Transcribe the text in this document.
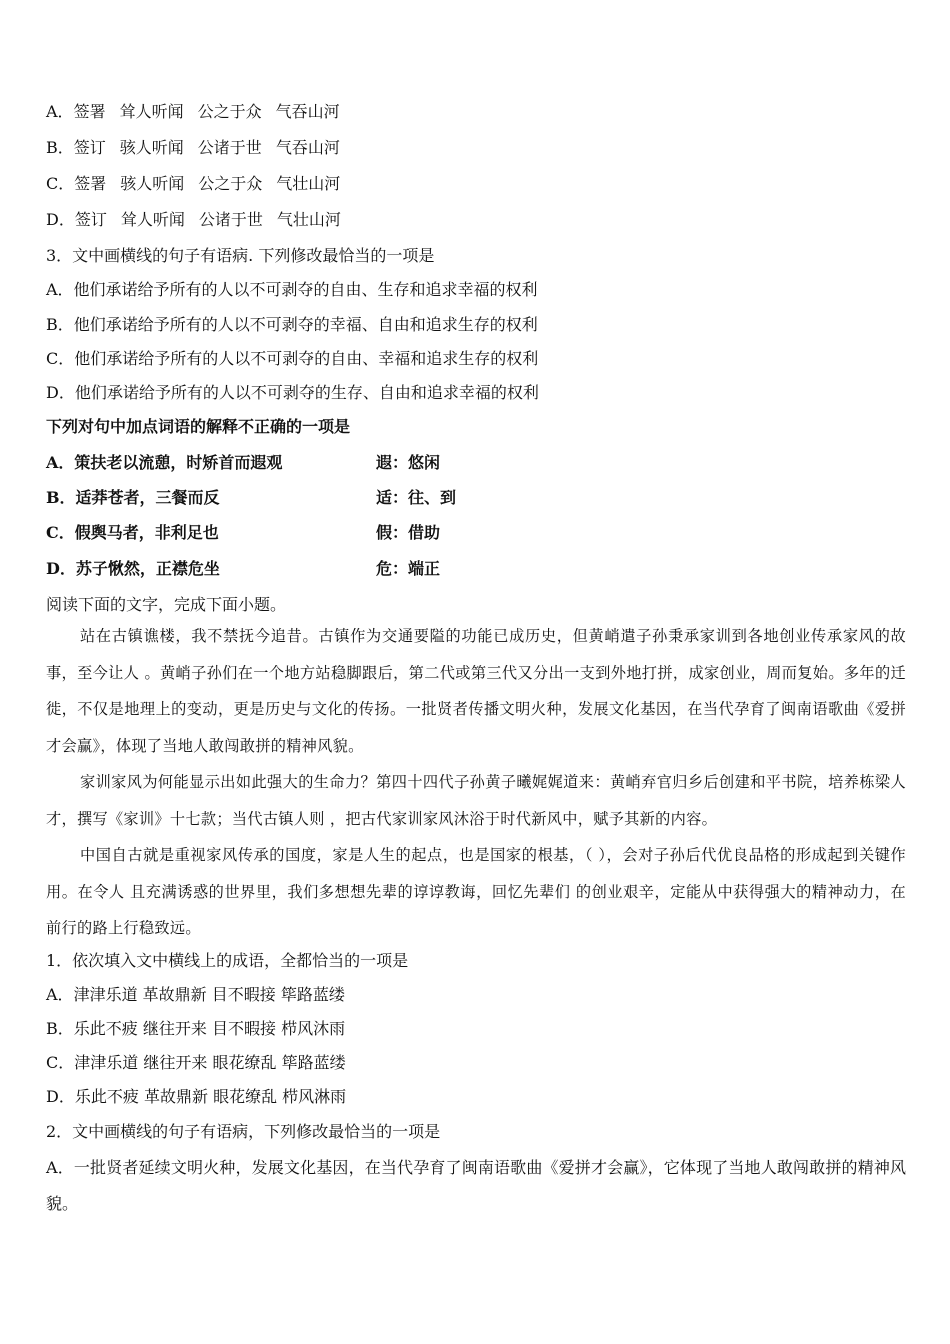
A．签署 耸人听闻 公之于众 气吞山河
B．签订 骇人听闻 公诸于世 气吞山河
C．签署 骇人听闻 公之于众 气壮山河
D．签订 耸人听闻 公诸于世 气壮山河
3．文中画横线的句子有语病. 下列修改最恰当的一项是
A．他们承诺给予所有的人以不可剥夺的自由、生存和追求幸福的权利
B．他们承诺给予所有的人以不可剥夺的幸福、自由和追求生存的权利
C．他们承诺给予所有的人以不可剥夺的自由、幸福和追求生存的权利
D．他们承诺给予所有的人以不可剥夺的生存、自由和追求幸福的权利
下列对句中加点词语的解释不正确的一项是
A．策扶老以流憩，时矫首而遐观	遐：悠闲
B．适莽苍者，三餐而反	适：往、到
C．假舆马者，非利足也	假：借助
D．苏子愀然，正襟危坐	危：端正
阅读下面的文字，完成下面小题。

站在古镇谯楼，我不禁抚今追昔。古镇作为交通要隘的功能已成历史，但黄峭遣子孙秉承家训到各地创业传承家风的故事，至今让人 。黄峭子孙们在一个地方站稳脚跟后，第二代或第三代又分出一支到外地打拼，成家创业，周而复始。多年的迁徙，不仅是地理上的变动，更是历史与文化的传扬。一批贤者传播文明火种，发展文化基因，在当代孕育了闽南语歌曲《爱拼才会赢》，体现了当地人敢闯敢拼的精神风貌。

家训家风为何能显示出如此强大的生命力？第四十四代子孙黄子曦娓娓道来：黄峭弃官归乡后创建和平书院，培养栋梁人才，撰写《家训》十七款；当代古镇人则 ，把古代家训家风沐浴于时代新风中，赋予其新的内容。

中国自古就是重视家风传承的国度，家是人生的起点，也是国家的根基，（ ），会对子孙后代优良品格的形成起到关键作用。在令人 且充满诱惑的世界里，我们多想想先辈的谆谆教诲，回忆先辈们 的创业艰辛，定能从中获得强大的精神动力，在前行的路上行稳致远。

1．依次填入文中横线上的成语，全都恰当的一项是
A．津津乐道 革故鼎新 目不暇接 筚路蓝缕
B．乐此不疲 继往开来 目不暇接 栉风沐雨
C．津津乐道 继往开来 眼花缭乱 筚路蓝缕
D．乐此不疲 革故鼎新 眼花缭乱 栉风淋雨
2．文中画横线的句子有语病，下列修改最恰当的一项是
A．一批贤者延续文明火种，发展文化基因，在当代孕育了闽南语歌曲《爱拼才会赢》，它体现了当地人敢闯敢拼的精神风貌。
